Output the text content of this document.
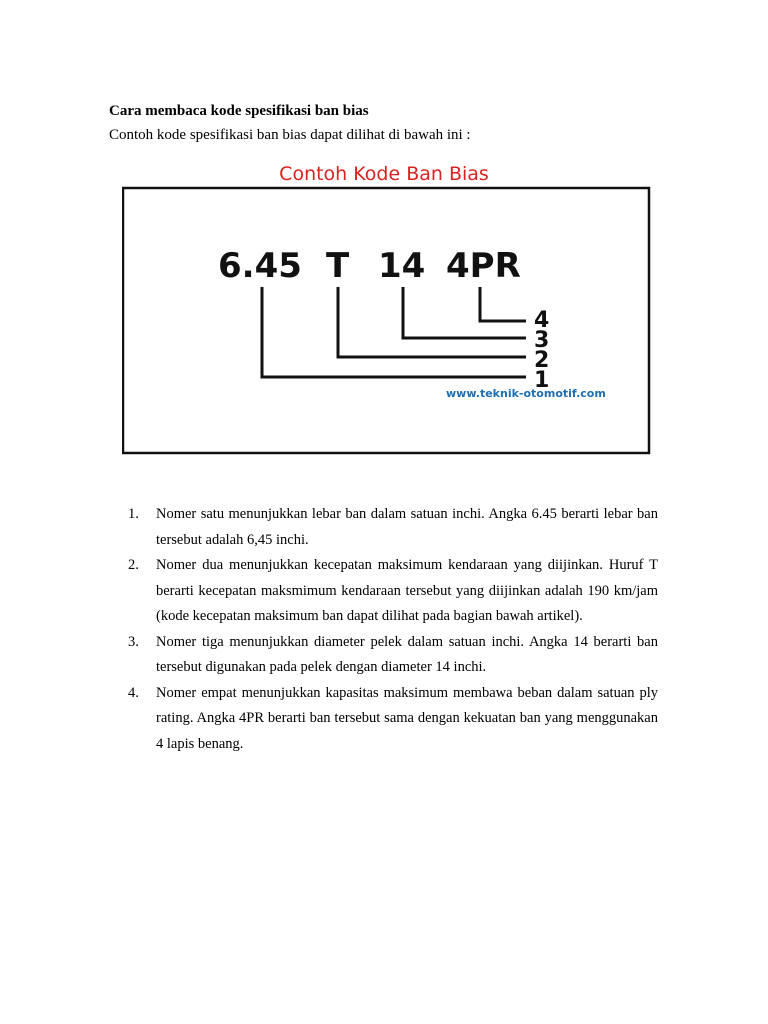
Cara membaca kode spesifikasi ban bias
Contoh kode spesifikasi ban bias dapat dilihat di bawah ini :
Contoh Kode Ban Bias
6.45 T 14 4PR
4
3
2
1
www.teknik-otomotif.com
1. Nomer satu menunjukkan lebar ban dalam satuan inchi. Angka 6.45 berarti lebar ban tersebut adalah 6,45 inchi.
2. Nomer dua menunjukkan kecepatan maksimum kendaraan yang diijinkan. Huruf T berarti kecepatan maksmimum kendaraan tersebut yang diijinkan adalah 190 km/jam (kode kecepatan maksimum ban dapat dilihat pada bagian bawah artikel).
3. Nomer tiga menunjukkan diameter pelek dalam satuan inchi. Angka 14 berarti ban tersebut digunakan pada pelek dengan diameter 14 inchi.
4. Nomer empat menunjukkan kapasitas maksimum membawa beban dalam satuan ply rating. Angka 4PR berarti ban tersebut sama dengan kekuatan ban yang menggunakan 4 lapis benang.
